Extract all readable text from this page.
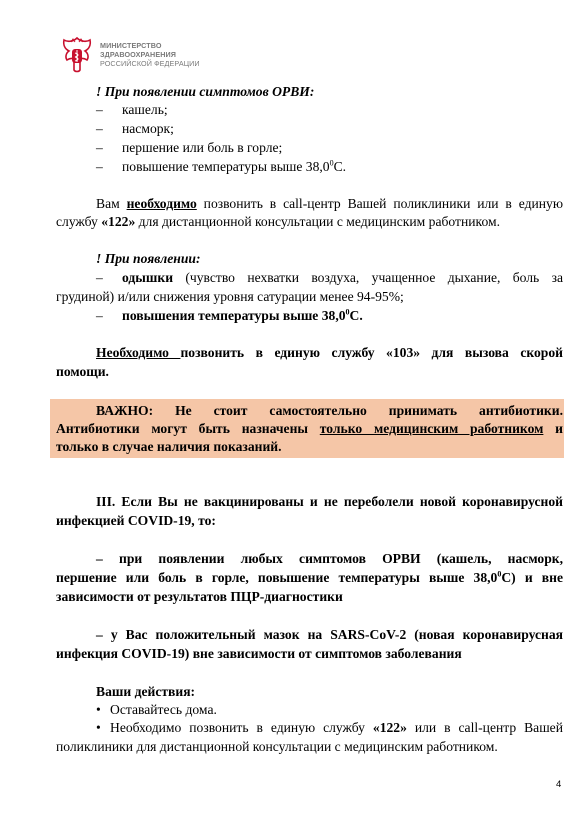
МИНИСТЕРСТВО
ЗДРАВООХРАНЕНИЯ
РОССИЙСКОЙ ФЕДЕРАЦИИ

! При появлении симптомов ОРВИ:

– кашель;
– насморк;
– першение или боль в горле;
– повышение температуры выше 38,0$^0$С.

Вам необходимо позвонить в call-центр Вашей поликлиники или в единую

службу «122» для дистанционной консультации с медицинским работником.

! При появлении:

– одышки (чувство нехватки воздуха, учащенное дыхание, боль за

грудиной) и/или снижения уровня сатурации менее 94-95%;

– повышения температуры выше 38,0$^0$С.

Необходимо позвонить в единую службу «103» для вызова скорой

помощи.

ВАЖНО: Не стоит самостоятельно принимать антибиотики.

Антибиотики могут быть назначены только медицинским работником и

только в случае наличия показаний.

III. Если Вы не вакцинированы и не переболели новой коронавирусной

инфекцией COVID-19, то:

– при появлении любых симптомов ОРВИ (кашель, насморк,

першение или боль в горле, повышение температуры выше 38,0$^0$С) и вне

зависимости от результатов ПЦР-диагностики

– у Вас положительный мазок на SARS-CoV-2 (новая коронавирусная

инфекция COVID-19) вне зависимости от симптомов заболевания

Ваши действия:

• Оставайтесь дома.

• Необходимо позвонить в единую службу «122» или в call-центр Вашей

поликлиники для дистанционной консультации с медицинским работником.

4
